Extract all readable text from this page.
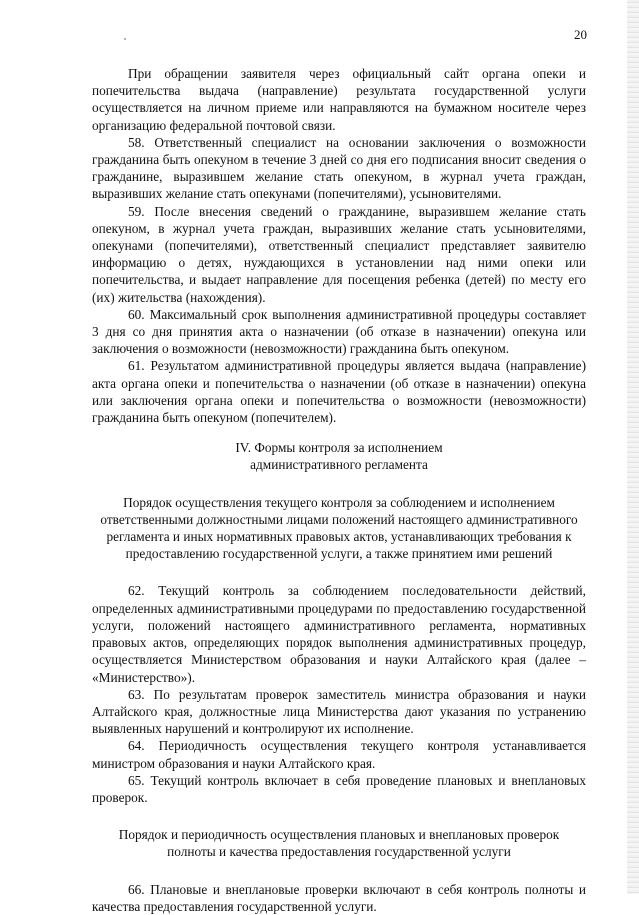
20

При обращении заявителя через официальный сайт органа опеки и попечительства выдача (направление) результата государственной услуги осуществляется на личном приеме или направляются на бумажном носителе через организацию федеральной почтовой связи.

58. Ответственный специалист на основании заключения о возможности гражданина быть опекуном в течение 3 дней со дня его подписания вносит сведения о гражданине, выразившем желание стать опекуном, в журнал учета граждан, выразивших желание стать опекунами (попечителями), усыновителями.

59. После внесения сведений о гражданине, выразившем желание стать опекуном, в журнал учета граждан, выразивших желание стать усыновителями, опекунами (попечителями), ответственный специалист представляет заявителю информацию о детях, нуждающихся в установлении над ними опеки или попечительства, и выдает направление для посещения ребенка (детей) по месту его (их) жительства (нахождения).

60. Максимальный срок выполнения административной процедуры составляет 3 дня со дня принятия акта о назначении (об отказе в назначении) опекуна или заключения о возможности (невозможности) гражданина быть опекуном.

61. Результатом административной процедуры является выдача (направление) акта органа опеки и попечительства о назначении (об отказе в назначении) опекуна или заключения органа опеки и попечительства о возможности (невозможности) гражданина быть опекуном (попечителем).

IV. Формы контроля за исполнением административного регламента

Порядок осуществления текущего контроля за соблюдением и исполнением ответственными должностными лицами положений настоящего административного регламента и иных нормативных правовых актов, устанавливающих требования к предоставлению государственной услуги, а также принятием ими решений

62. Текущий контроль за соблюдением последовательности действий, определенных административными процедурами по предоставлению государственной услуги, положений настоящего административного регламента, нормативных правовых актов, определяющих порядок выполнения административных процедур, осуществляется Министерством образования и науки Алтайского края (далее – «Министерство»).

63. По результатам проверок заместитель министра образования и науки Алтайского края, должностные лица Министерства дают указания по устранению выявленных нарушений и контролируют их исполнение.

64. Периодичность осуществления текущего контроля устанавливается министром образования и науки Алтайского края.

65. Текущий контроль включает в себя проведение плановых и внеплановых проверок.

Порядок и периодичность осуществления плановых и внеплановых проверок полноты и качества предоставления государственной услуги

66. Плановые и внеплановые проверки включают в себя контроль полноты и качества предоставления государственной услуги.
